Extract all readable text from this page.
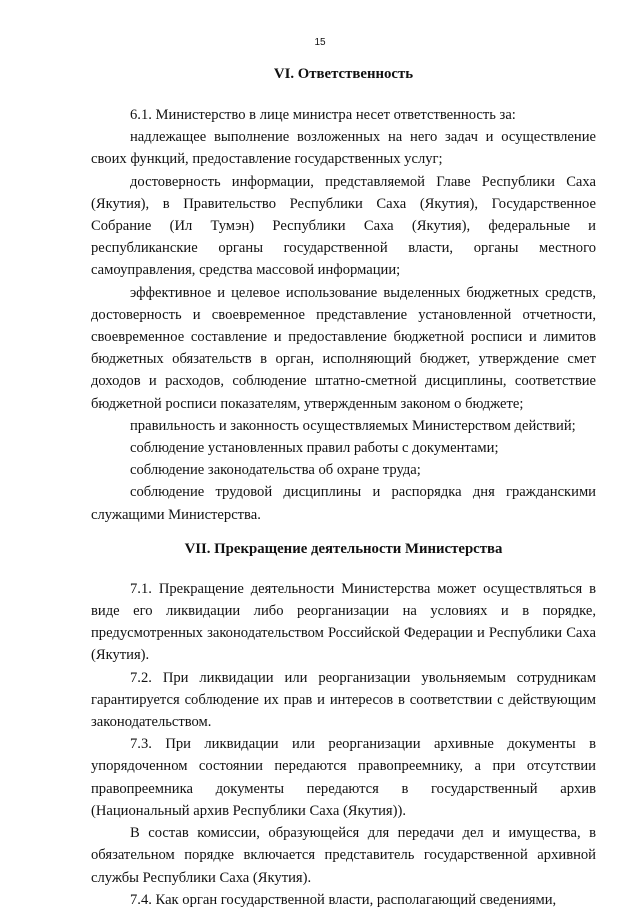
15
VI. Ответственность

6.1. Министерство в лице министра несет ответственность за:

надлежащее выполнение возложенных на него задач и осуществление своих функций, предоставление государственных услуг;

достоверность информации, представляемой Главе Республики Саха (Якутия), в Правительство Республики Саха (Якутия), Государственное Собрание (Ил Тумэн) Республики Саха (Якутия), федеральные и республиканские органы государственной власти, органы местного самоуправления, средства массовой информации;

эффективное и целевое использование выделенных бюджетных средств, достоверность и своевременное представление установленной отчетности, своевременное составление и предоставление бюджетной росписи и лимитов бюджетных обязательств в орган, исполняющий бюджет, утверждение смет доходов и расходов, соблюдение штатно-сметной дисциплины, соответствие бюджетной росписи показателям, утвержденным законом о бюджете;

правильность и законность осуществляемых Министерством действий;

соблюдение установленных правил работы с документами;

соблюдение законодательства об охране труда;

соблюдение трудовой дисциплины и распорядка дня гражданскими служащими Министерства.

VII. Прекращение деятельности Министерства

7.1. Прекращение деятельности Министерства может осуществляться в виде его ликвидации либо реорганизации на условиях и в порядке, предусмотренных законодательством Российской Федерации и Республики Саха (Якутия).

7.2. При ликвидации или реорганизации увольняемым сотрудникам гарантируется соблюдение их прав и интересов в соответствии с действующим законодательством.

7.3. При ликвидации или реорганизации архивные документы в упорядоченном состоянии передаются правопреемнику, а при отсутствии правопреемника документы передаются в государственный архив (Национальный архив Республики Саха (Якутия)).

В состав комиссии, образующейся для передачи дел и имущества, в обязательном порядке включается представитель государственной архивной службы Республики Саха (Якутия).

7.4. Как орган государственной власти, располагающий сведениями,
